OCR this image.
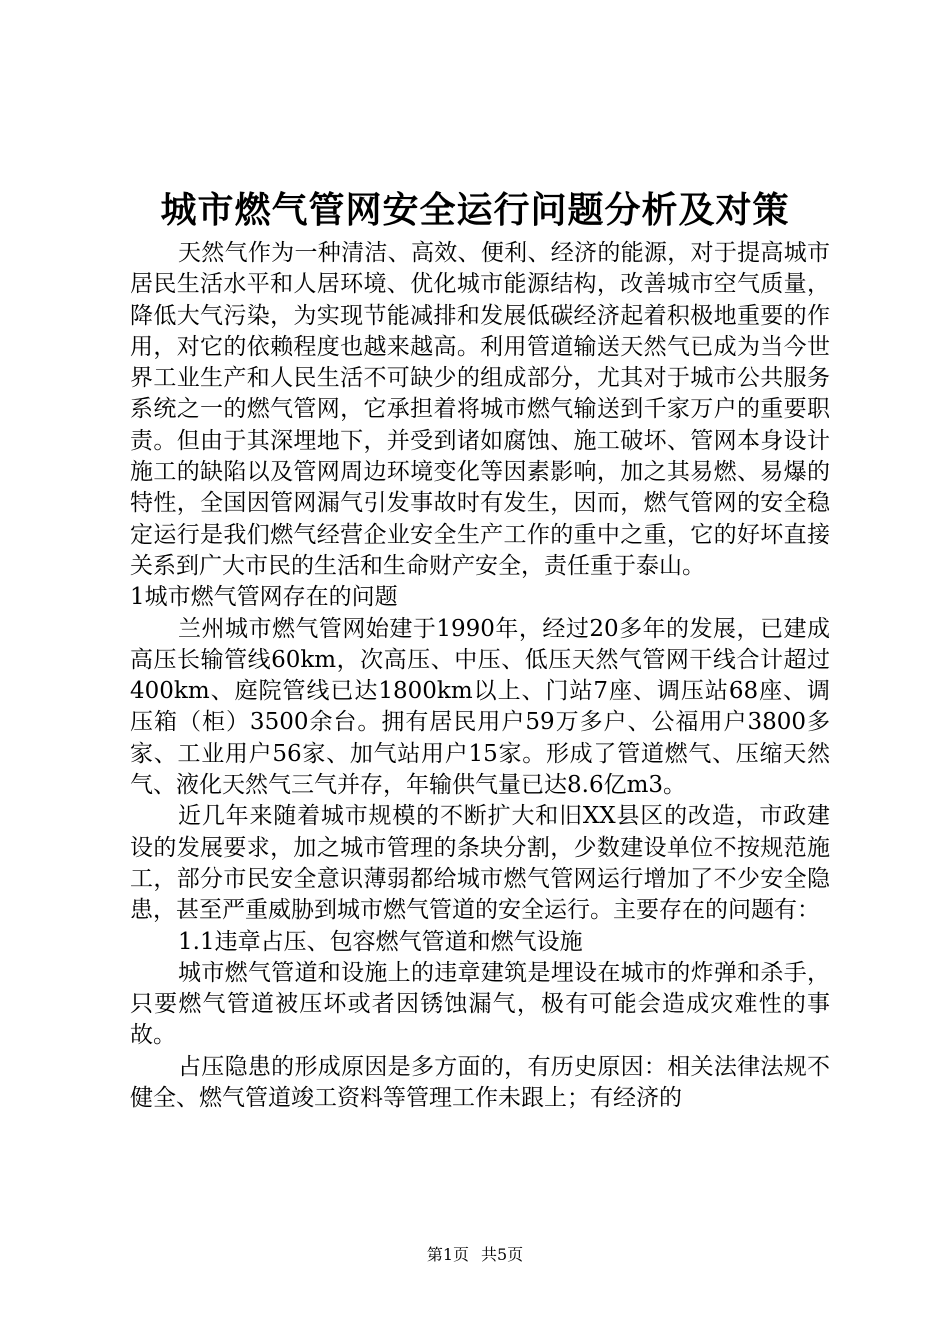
城市燃气管网安全运行问题分析及对策

天然气作为一种清洁、高效、便利、经济的能源，对于提高城市居民生活水平和人居环境、优化城市能源结构，改善城市空气质量，降低大气污染，为实现节能减排和发展低碳经济起着积极地重要的作用，对它的依赖程度也越来越高。利用管道输送天然气已成为当今世界工业生产和人民生活不可缺少的组成部分，尤其对于城市公共服务系统之一的燃气管网，它承担着将城市燃气输送到千家万户的重要职责。但由于其深埋地下，并受到诸如腐蚀、施工破坏、管网本身设计施工的缺陷以及管网周边环境变化等因素影响，加之其易燃、易爆的特性，全国因管网漏气引发事故时有发生，因而，燃气管网的安全稳定运行是我们燃气经营企业安全生产工作的重中之重，它的好坏直接关系到广大市民的生活和生命财产安全，责任重于泰山。

1城市燃气管网存在的问题

兰州城市燃气管网始建于1990年，经过20多年的发展，已建成高压长输管线60km，次高压、中压、低压天然气管网干线合计超过400km、庭院管线已达1800km以上、门站7座、调压站68座、调压箱（柜）3500余台。拥有居民用户59万多户、公福用户3800多家、工业用户56家、加气站用户15家。形成了管道燃气、压缩天然气、液化天然气三气并存，年输供气量已达8.6亿m3。

近几年来随着城市规模的不断扩大和旧XX县区的改造，市政建设的发展要求，加之城市管理的条块分割，少数建设单位不按规范施工，部分市民安全意识薄弱都给城市燃气管网运行增加了不少安全隐患，甚至严重威胁到城市燃气管道的安全运行。主要存在的问题有：

1.1违章占压、包容燃气管道和燃气设施

城市燃气管道和设施上的违章建筑是埋设在城市的炸弹和杀手，只要燃气管道被压坏或者因锈蚀漏气，极有可能会造成灾难性的事故。

占压隐患的形成原因是多方面的，有历史原因：相关法律法规不健全、燃气管道竣工资料等管理工作未跟上；有经济的

第1页 共5页
